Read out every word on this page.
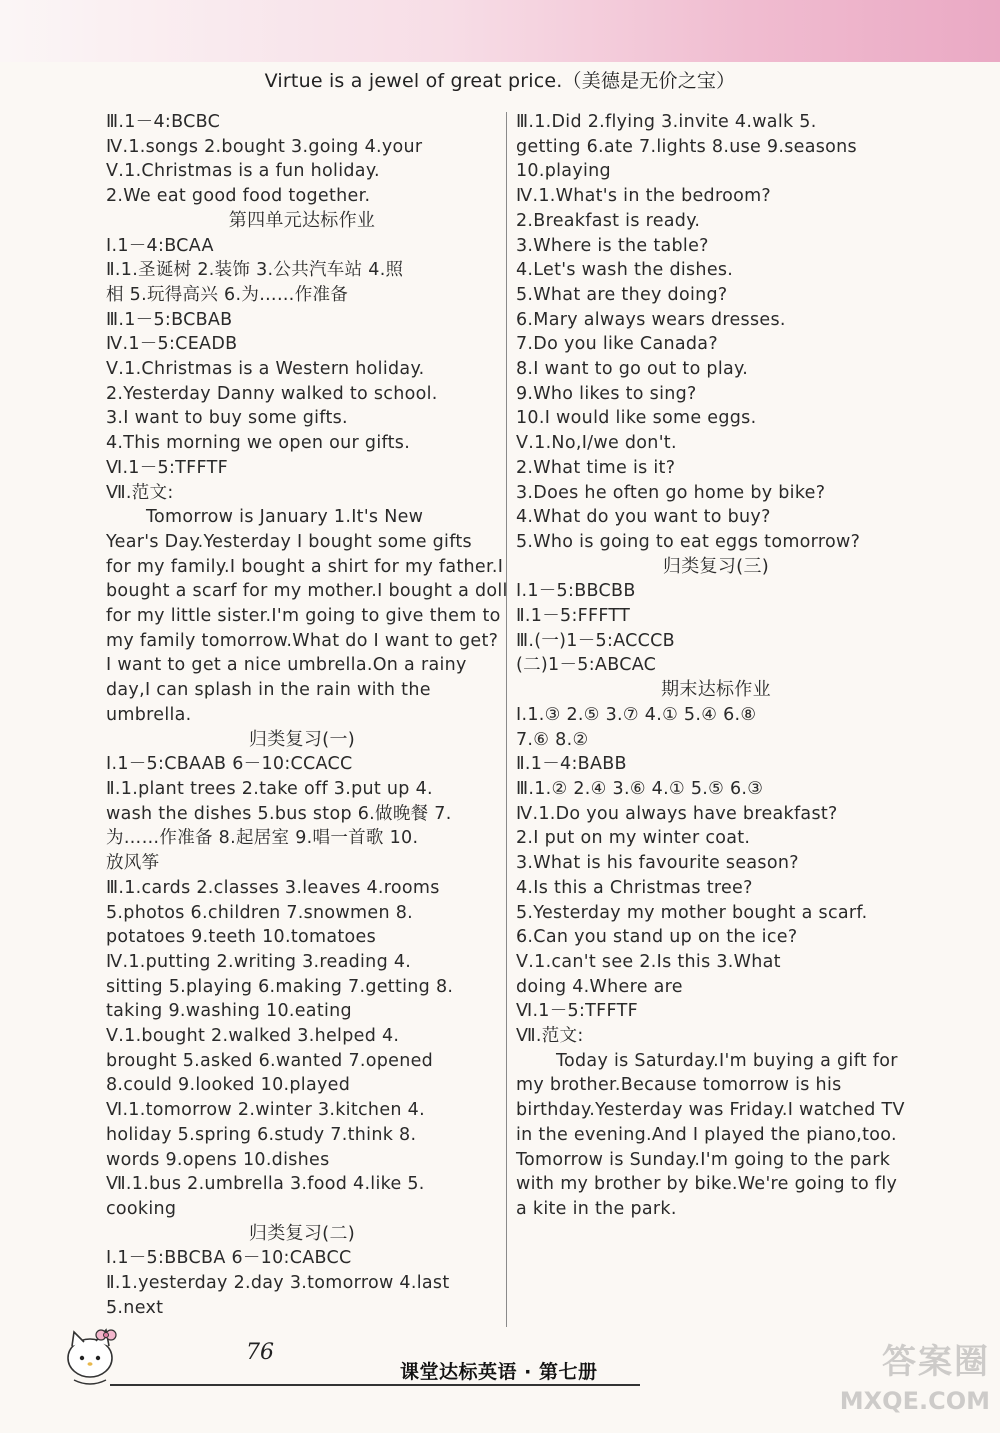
Virtue is a jewel of great price.（美德是无价之宝）
Ⅲ.1－4:BCBC
Ⅳ.1.songs 2.bought 3.going 4.your
Ⅴ.1.Christmas is a fun holiday.
2.We eat good food together.
第四单元达标作业
Ⅰ.1－4:BCAA
Ⅱ.1.圣诞树 2.装饰 3.公共汽车站 4.照
相 5.玩得高兴 6.为……作准备
Ⅲ.1－5:BCBAB
Ⅳ.1－5:CEADB
Ⅴ.1.Christmas is a Western holiday.
2.Yesterday Danny walked to school.
3.I want to buy some gifts.
4.This morning we open our gifts.
Ⅵ.1－5:TFFTF
Ⅶ.范文:
Tomorrow is January 1.It's New
Year's Day.Yesterday I bought some gifts
for my family.I bought a shirt for my father.I
bought a scarf for my mother.I bought a doll
for my little sister.I'm going to give them to
my family tomorrow.What do I want to get?
I want to get a nice umbrella.On a rainy
day,I can splash in the rain with the
umbrella.
归类复习(一)
Ⅰ.1－5:CBAAB 6－10:CCACC
Ⅱ.1.plant trees 2.take off 3.put up 4.
wash the dishes 5.bus stop 6.做晚餐 7.
为……作准备 8.起居室 9.唱一首歌 10.
放风筝
Ⅲ.1.cards 2.classes 3.leaves 4.rooms
5.photos 6.children 7.snowmen 8.
potatoes 9.teeth 10.tomatoes
Ⅳ.1.putting 2.writing 3.reading 4.
sitting 5.playing 6.making 7.getting 8.
taking 9.washing 10.eating
Ⅴ.1.bought 2.walked 3.helped 4.
brought 5.asked 6.wanted 7.opened
8.could 9.looked 10.played
Ⅵ.1.tomorrow 2.winter 3.kitchen 4.
holiday 5.spring 6.study 7.think 8.
words 9.opens 10.dishes
Ⅶ.1.bus 2.umbrella 3.food 4.like 5.
cooking
归类复习(二)
Ⅰ.1－5:BBCBA 6－10:CABCC
Ⅱ.1.yesterday 2.day 3.tomorrow 4.last
5.next
Ⅲ.1.Did 2.flying 3.invite 4.walk 5.
getting 6.ate 7.lights 8.use 9.seasons
10.playing
Ⅳ.1.What's in the bedroom?
2.Breakfast is ready.
3.Where is the table?
4.Let's wash the dishes.
5.What are they doing?
6.Mary always wears dresses.
7.Do you like Canada?
8.I want to go out to play.
9.Who likes to sing?
10.I would like some eggs.
Ⅴ.1.No,I/we don't.
2.What time is it?
3.Does he often go home by bike?
4.What do you want to buy?
5.Who is going to eat eggs tomorrow?
归类复习(三)
Ⅰ.1－5:BBCBB
Ⅱ.1－5:FFFTT
Ⅲ.(一)1－5:ACCCB
(二)1－5:ABCAC
期末达标作业
Ⅰ.1.③ 2.⑤ 3.⑦ 4.① 5.④ 6.⑧
7.⑥ 8.②
Ⅱ.1－4:BABB
Ⅲ.1.② 2.④ 3.⑥ 4.① 5.⑤ 6.③
Ⅳ.1.Do you always have breakfast?
2.I put on my winter coat.
3.What is his favourite season?
4.Is this a Christmas tree?
5.Yesterday my mother bought a scarf.
6.Can you stand up on the ice?
Ⅴ.1.can't see 2.Is this 3.What
doing 4.Where are
Ⅵ.1－5:TFFTF
Ⅶ.范文:
Today is Saturday.I'm buying a gift for
my brother.Because tomorrow is his
birthday.Yesterday was Friday.I watched TV
in the evening.And I played the piano,too.
Tomorrow is Sunday.I'm going to the park
with my brother by bike.We're going to fly
a kite in the park.
76
课堂达标英语 · 第七册	答案圈
MXQE.COM
